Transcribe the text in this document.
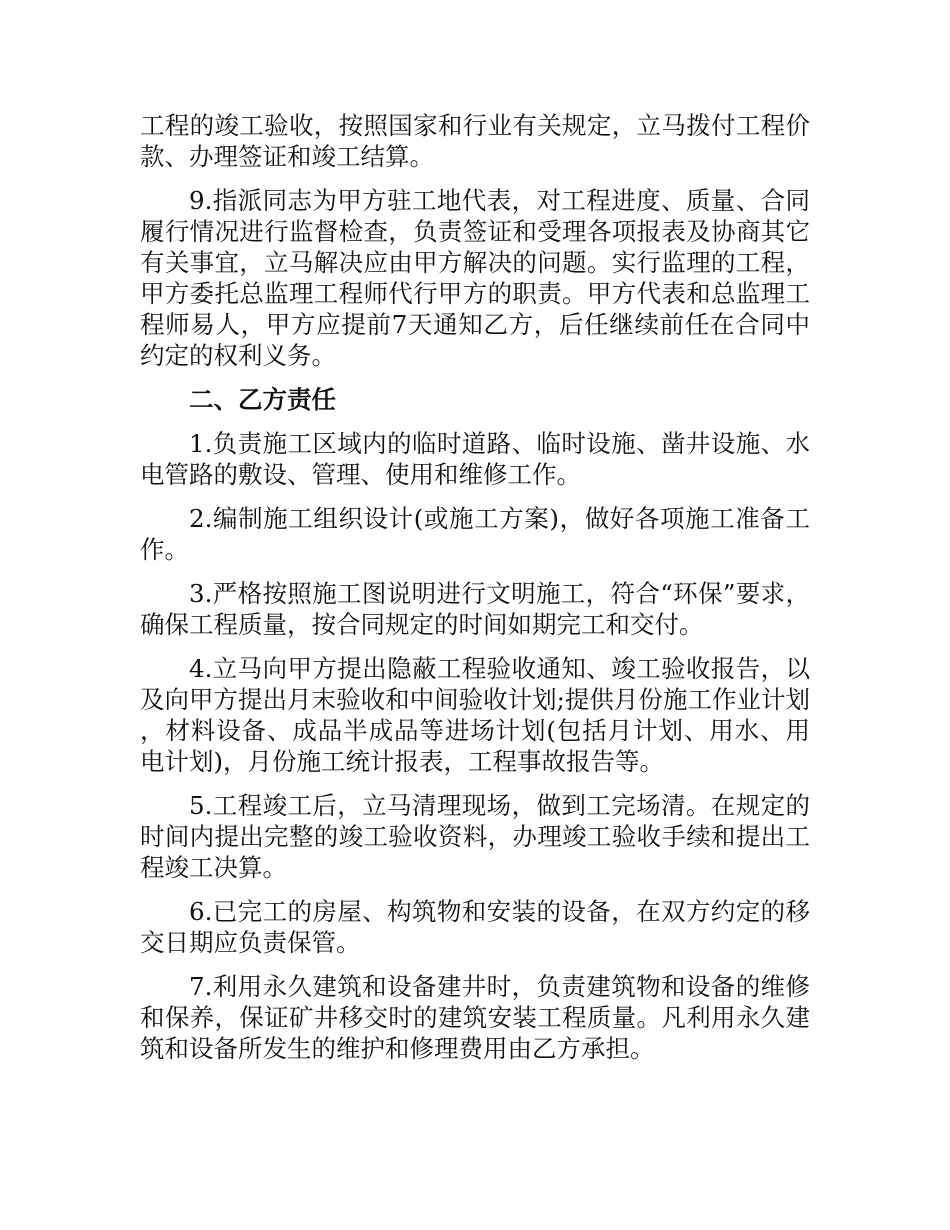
工程的竣工验收，按照国家和行业有关规定，立马拨付工程价款、办理签证和竣工结算。

9.指派同志为甲方驻工地代表，对工程进度、质量、合同履行情况进行监督检查，负责签证和受理各项报表及协商其它有关事宜，立马解决应由甲方解决的问题。实行监理的工程，甲方委托总监理工程师代行甲方的职责。甲方代表和总监理工程师易人，甲方应提前7天通知乙方，后任继续前任在合同中约定的权利义务。

二、乙方责任

1.负责施工区域内的临时道路、临时设施、凿井设施、水电管路的敷设、管理、使用和维修工作。

2.编制施工组织设计(或施工方案)，做好各项施工准备工作。

3.严格按照施工图说明进行文明施工，符合“环保”要求，确保工程质量，按合同规定的时间如期完工和交付。

4.立马向甲方提出隐蔽工程验收通知、竣工验收报告，以及向甲方提出月末验收和中间验收计划;提供月份施工作业计划，材料设备、成品半成品等进场计划(包括月计划、用水、用电计划)，月份施工统计报表，工程事故报告等。

5.工程竣工后，立马清理现场，做到工完场清。在规定的时间内提出完整的竣工验收资料，办理竣工验收手续和提出工程竣工决算。

6.已完工的房屋、构筑物和安装的设备，在双方约定的移交日期应负责保管。

7.利用永久建筑和设备建井时，负责建筑物和设备的维修和保养，保证矿井移交时的建筑安装工程质量。凡利用永久建筑和设备所发生的维护和修理费用由乙方承担。
